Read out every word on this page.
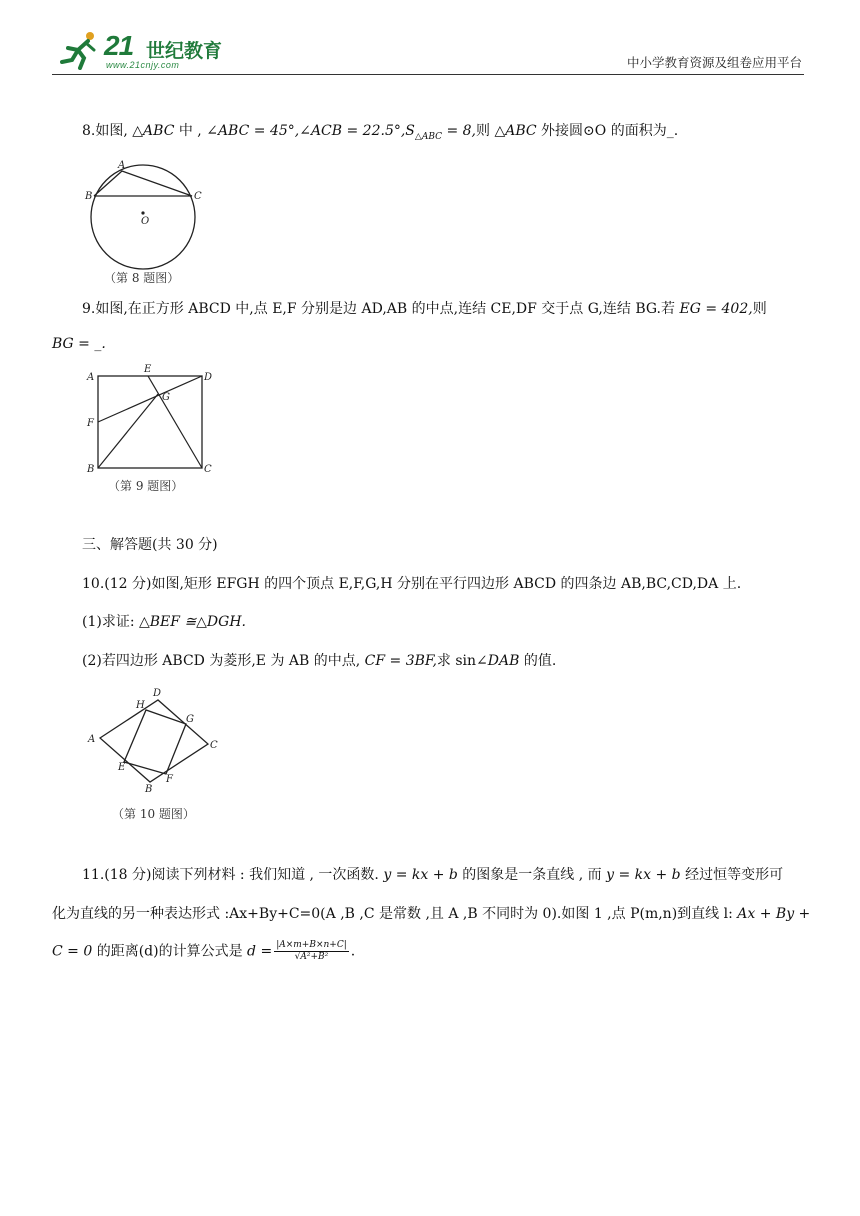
21 世纪教育
www.21cnjy.com	中小学教育资源及组卷应用平台
8.如图, △ABC 中 , ∠ABC = 45°,∠ACB = $22.5^\circ,S_{\triangle ABC} = 8$,则 △ABC 外接圆⊙O 的面积为_.
A
B	C
O
（第 8 题图）
9.如图,在正方形 ABCD 中,点 E,F 分别是边 AD,AB 的中点,连结 CE,DF 交于点 G,连结 BG.若 EG = 402,则
BG = _.
A
E
D
G
F
B	C
（第 9 题图）
三、解答题(共 30 分)
10.(12 分)如图,矩形 EFGH 的四个顶点 E,F,G,H 分别在平行四边形 ABCD 的四条边 AB,BC,CD,DA 上.
(1)求证: △BEF ≅△DGH.
(2)若四边形 ABCD 为菱形,E 为 AB 的中点, CF = 3BF,求 sin∠DAB 的值.
A
D
H
G
C
E
F
B
（第 10 题图）
11.(18 分)阅读下列材料 : 我们知道 , 一次函数. y = kx + b 的图象是一条直线 , 而 y = kx + b 经过恒等变形可
化为直线的另一种表达形式 :Ax+By+C=0(A ,B ,C 是常数 ,且 A ,B 不同时为 0).如图 1 ,点 P(m,n)到直线 l: Ax + By +
C = 0 的距离(d)的计算公式是 $d = \frac{|A\times m+B\times n+C|}{\text{√A²+B²}}$ .
